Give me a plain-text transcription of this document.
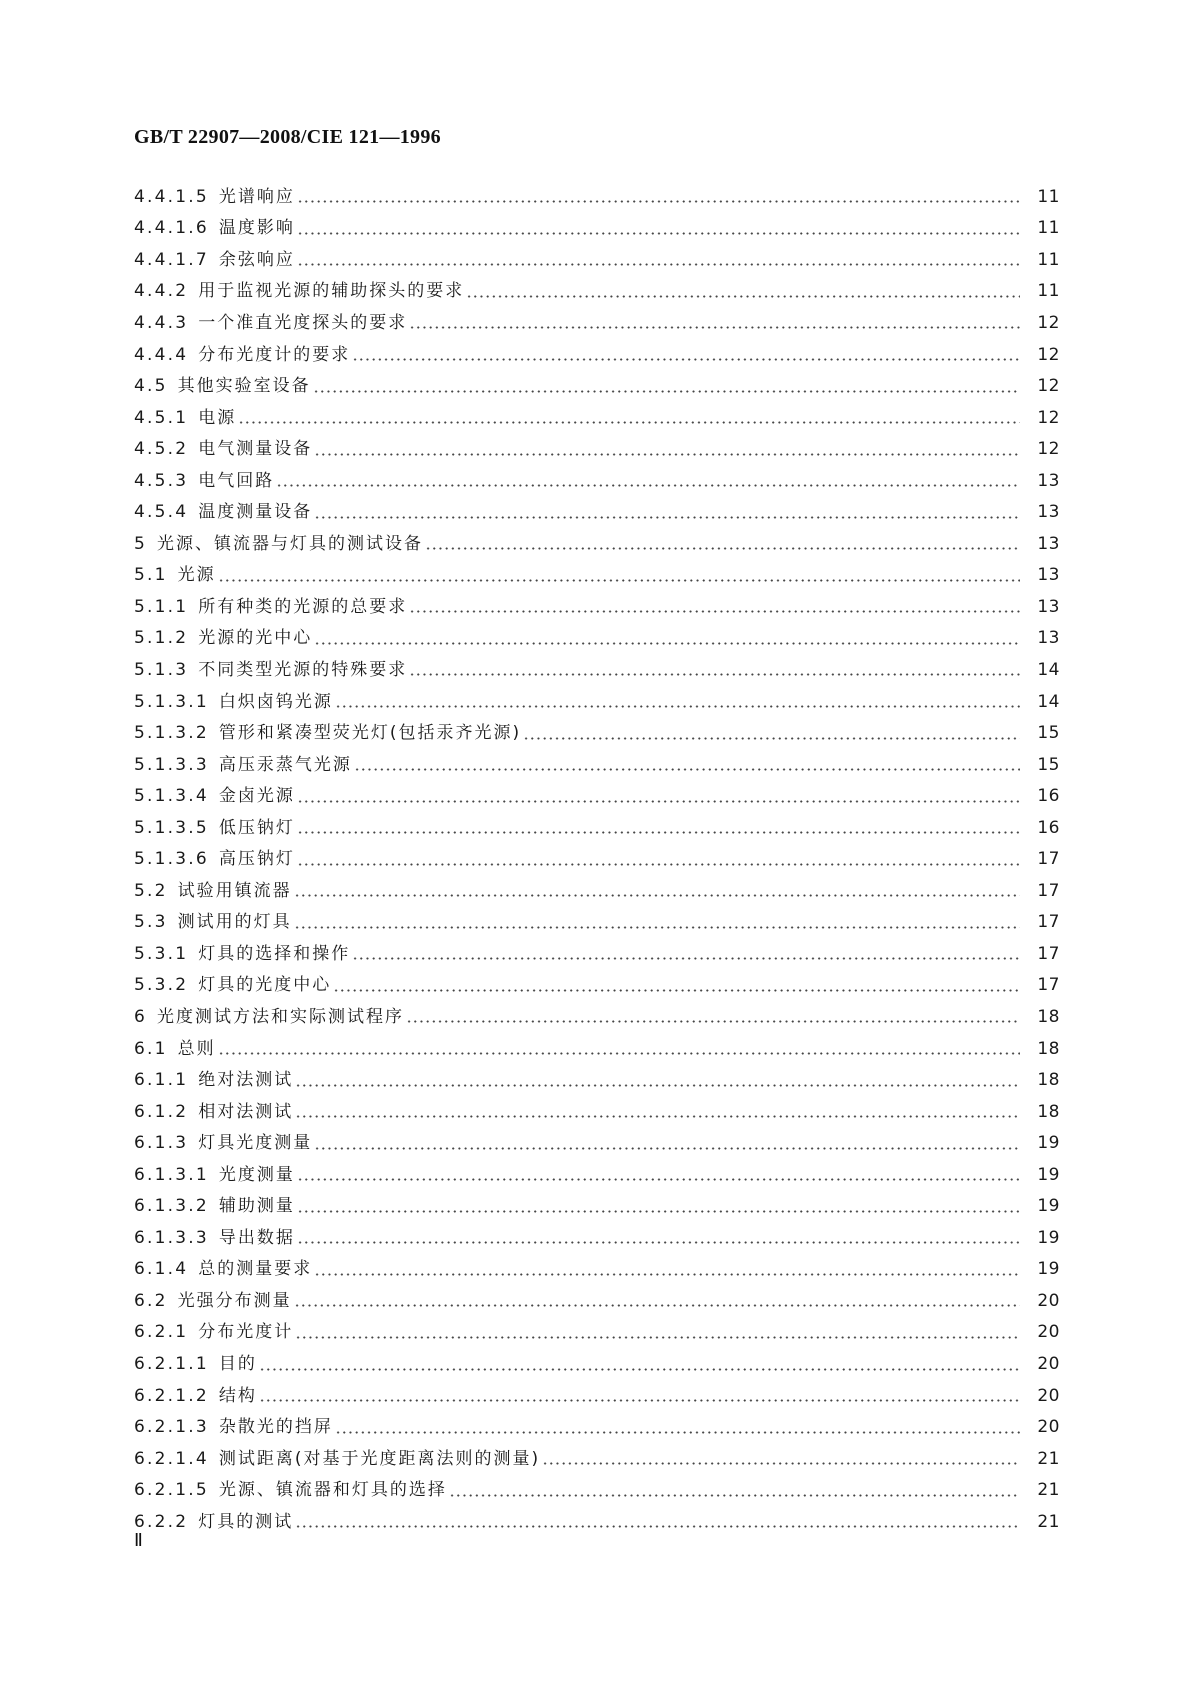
GB/T 22907—2008/CIE 121—1996
4.4.1.5 光谱响应	11
4.4.1.6 温度影响	11
4.4.1.7 余弦响应	11
4.4.2 用于监视光源的辅助探头的要求	11
4.4.3 一个准直光度探头的要求	12
4.4.4 分布光度计的要求	12
4.5 其他实验室设备	12
4.5.1 电源	12
4.5.2 电气测量设备	12
4.5.3 电气回路	13
4.5.4 温度测量设备	13
5 光源、镇流器与灯具的测试设备	13
5.1 光源	13
5.1.1 所有种类的光源的总要求	13
5.1.2 光源的光中心	13
5.1.3 不同类型光源的特殊要求	14
5.1.3.1 白炽卤钨光源	14
5.1.3.2 管形和紧凑型荧光灯(包括汞齐光源)	15
5.1.3.3 高压汞蒸气光源	15
5.1.3.4 金卤光源	16
5.1.3.5 低压钠灯	16
5.1.3.6 高压钠灯	17
5.2 试验用镇流器	17
5.3 测试用的灯具	17
5.3.1 灯具的选择和操作	17
5.3.2 灯具的光度中心	17
6 光度测试方法和实际测试程序	18
6.1 总则	18
6.1.1 绝对法测试	18
6.1.2 相对法测试	18
6.1.3 灯具光度测量	19
6.1.3.1 光度测量	19
6.1.3.2 辅助测量	19
6.1.3.3 导出数据	19
6.1.4 总的测量要求	19
6.2 光强分布测量	20
6.2.1 分布光度计	20
6.2.1.1 目的	20
6.2.1.2 结构	20
6.2.1.3 杂散光的挡屏	20
6.2.1.4 测试距离(对基于光度距离法则的测量)	21
6.2.1.5 光源、镇流器和灯具的选择	21
6.2.2 灯具的测试	21
Ⅱ
